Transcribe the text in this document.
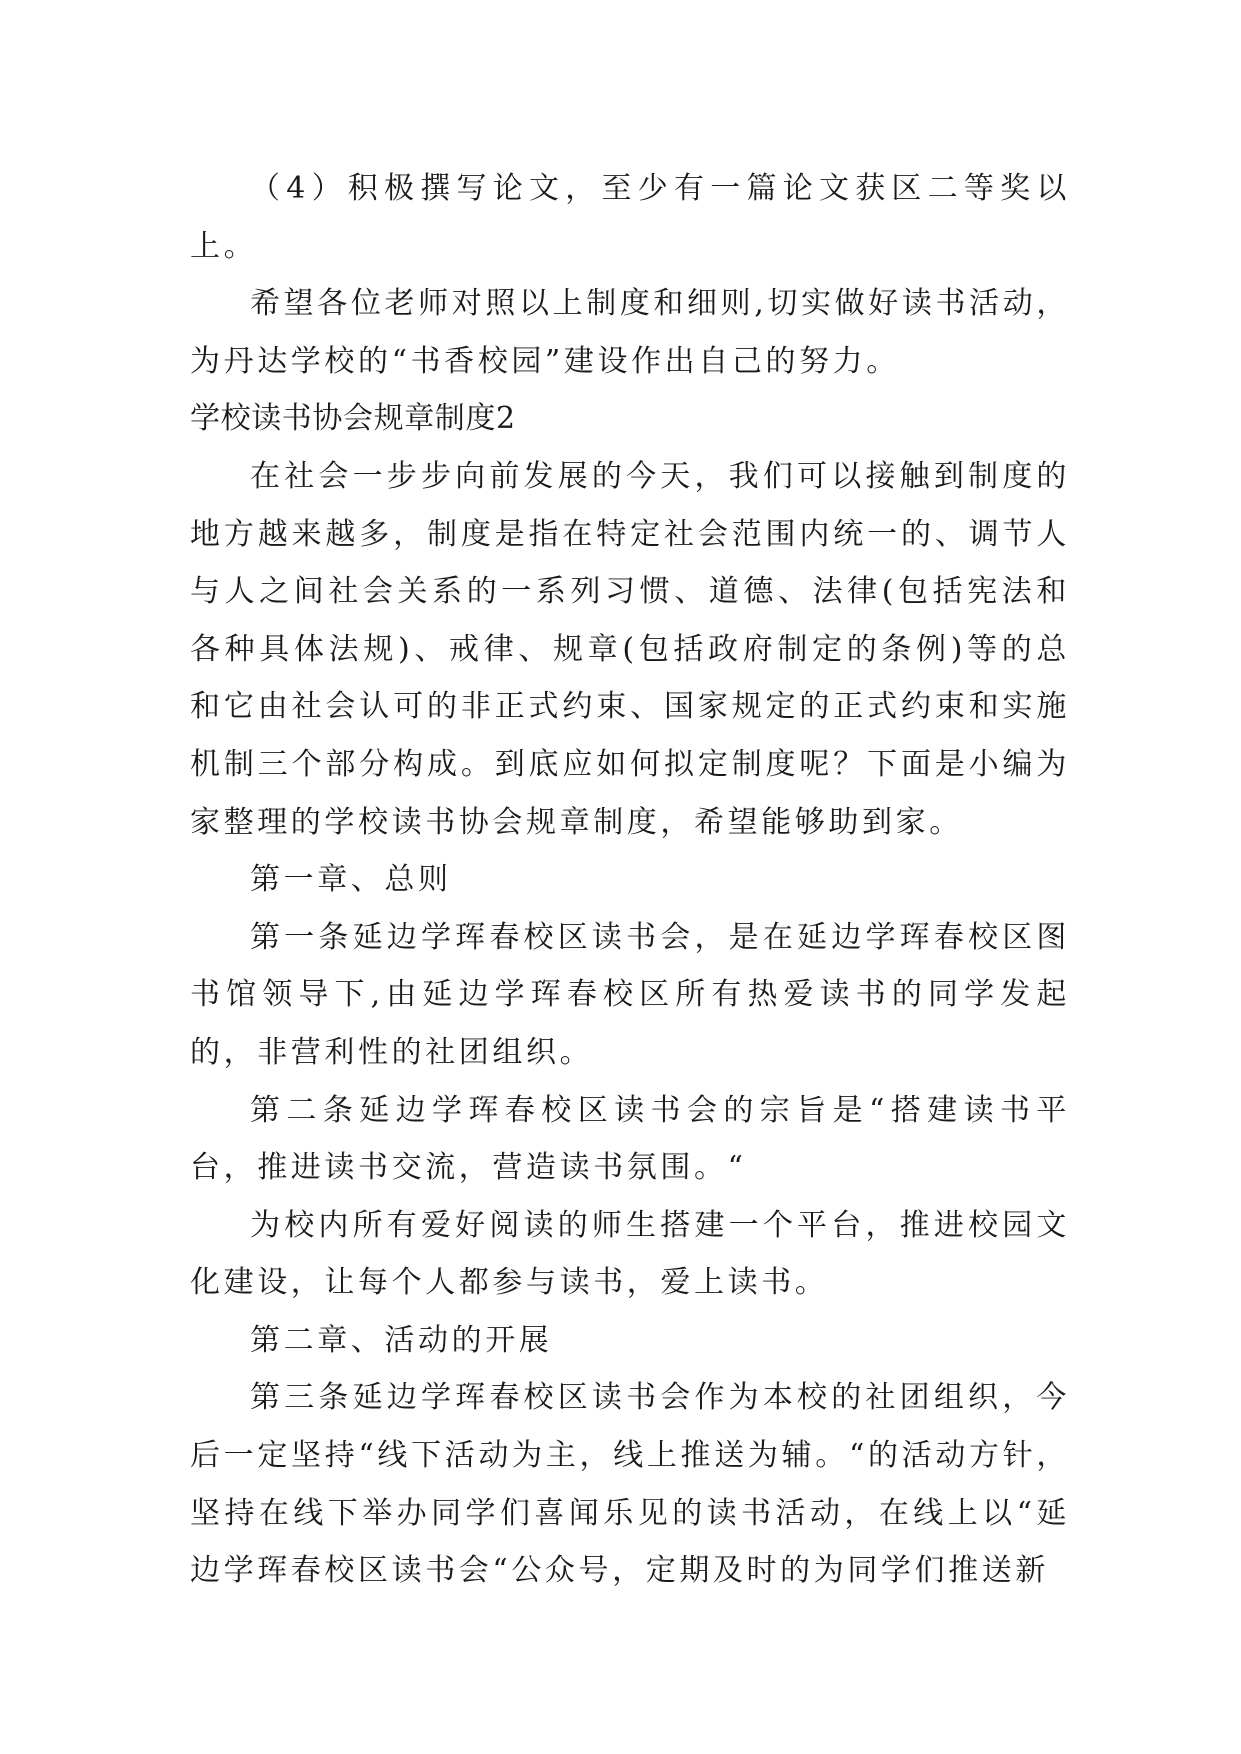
（4）积极撰写论文，至少有一篇论文获区二等奖以上。

希望各位老师对照以上制度和细则,切实做好读书活动，为丹达学校的“书香校园”建设作出自己的努力。

学校读书协会规章制度2

在社会一步步向前发展的今天，我们可以接触到制度的地方越来越多，制度是指在特定社会范围内统一的、调节人与人之间社会关系的一系列习惯、道德、法律(包括宪法和各种具体法规)、戒律、规章(包括政府制定的条例)等的总和它由社会认可的非正式约束、国家规定的正式约束和实施机制三个部分构成。到底应如何拟定制度呢？下面是小编为家整理的学校读书协会规章制度，希望能够助到家。

第一章、总则

第一条延边学珲春校区读书会，是在延边学珲春校区图书馆领导下,由延边学珲春校区所有热爱读书的同学发起的，非营利性的社团组织。

第二条延边学珲春校区读书会的宗旨是“搭建读书平台，推进读书交流，营造读书氛围。“

为校内所有爱好阅读的师生搭建一个平台，推进校园文化建设，让每个人都参与读书，爱上读书。

第二章、活动的开展

第三条延边学珲春校区读书会作为本校的社团组织，今后一定坚持“线下活动为主，线上推送为辅。“的活动方针，坚持在线下举办同学们喜闻乐见的读书活动，在线上以“延边学珲春校区读书会“公众号，定期及时的为同学们推送新
